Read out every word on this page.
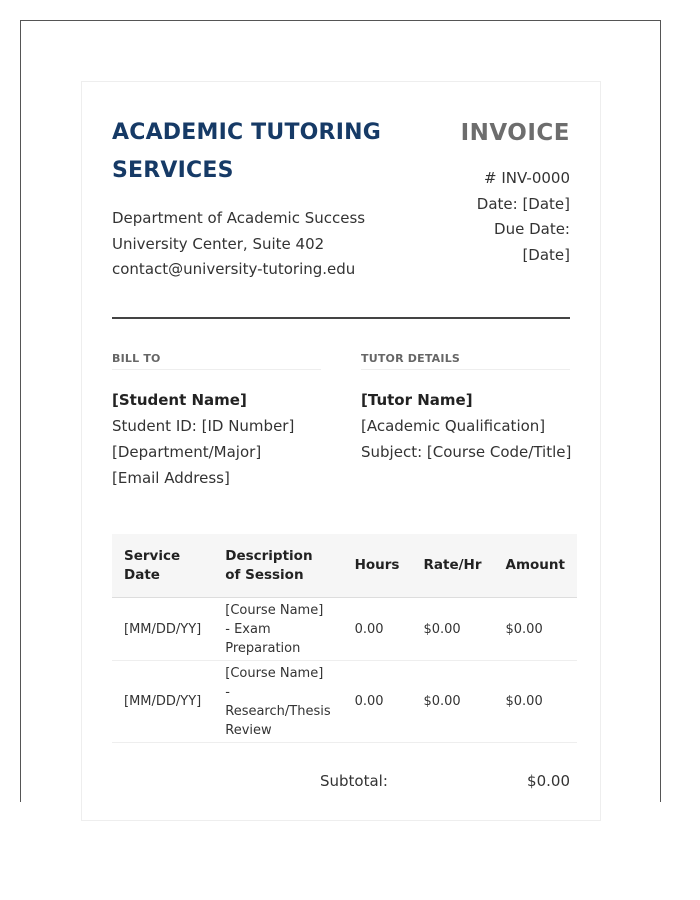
ACADEMIC TUTORING SERVICES
Department of Academic Success
University Center, Suite 402
contact@university-tutoring.edu
INVOICE
# INV-0000
Date: [Date]
Due Date:
[Date]
BILL TO	TUTOR DETAILS
[Student Name]
Student ID: [ID Number]
[Department/Major]
[Email Address]
[Tutor Name]
[Academic Qualification]
Subject: [Course Code/Title]
Service Date	Description of Session	Hours	Rate/Hr	Amount
[MM/DD/YY]	[Course Name] - Exam Preparation	0.00	$0.00	$0.00
[MM/DD/YY]	[Course Name] - Research/Thesis Review	0.00	$0.00	$0.00
Subtotal:	$0.00
